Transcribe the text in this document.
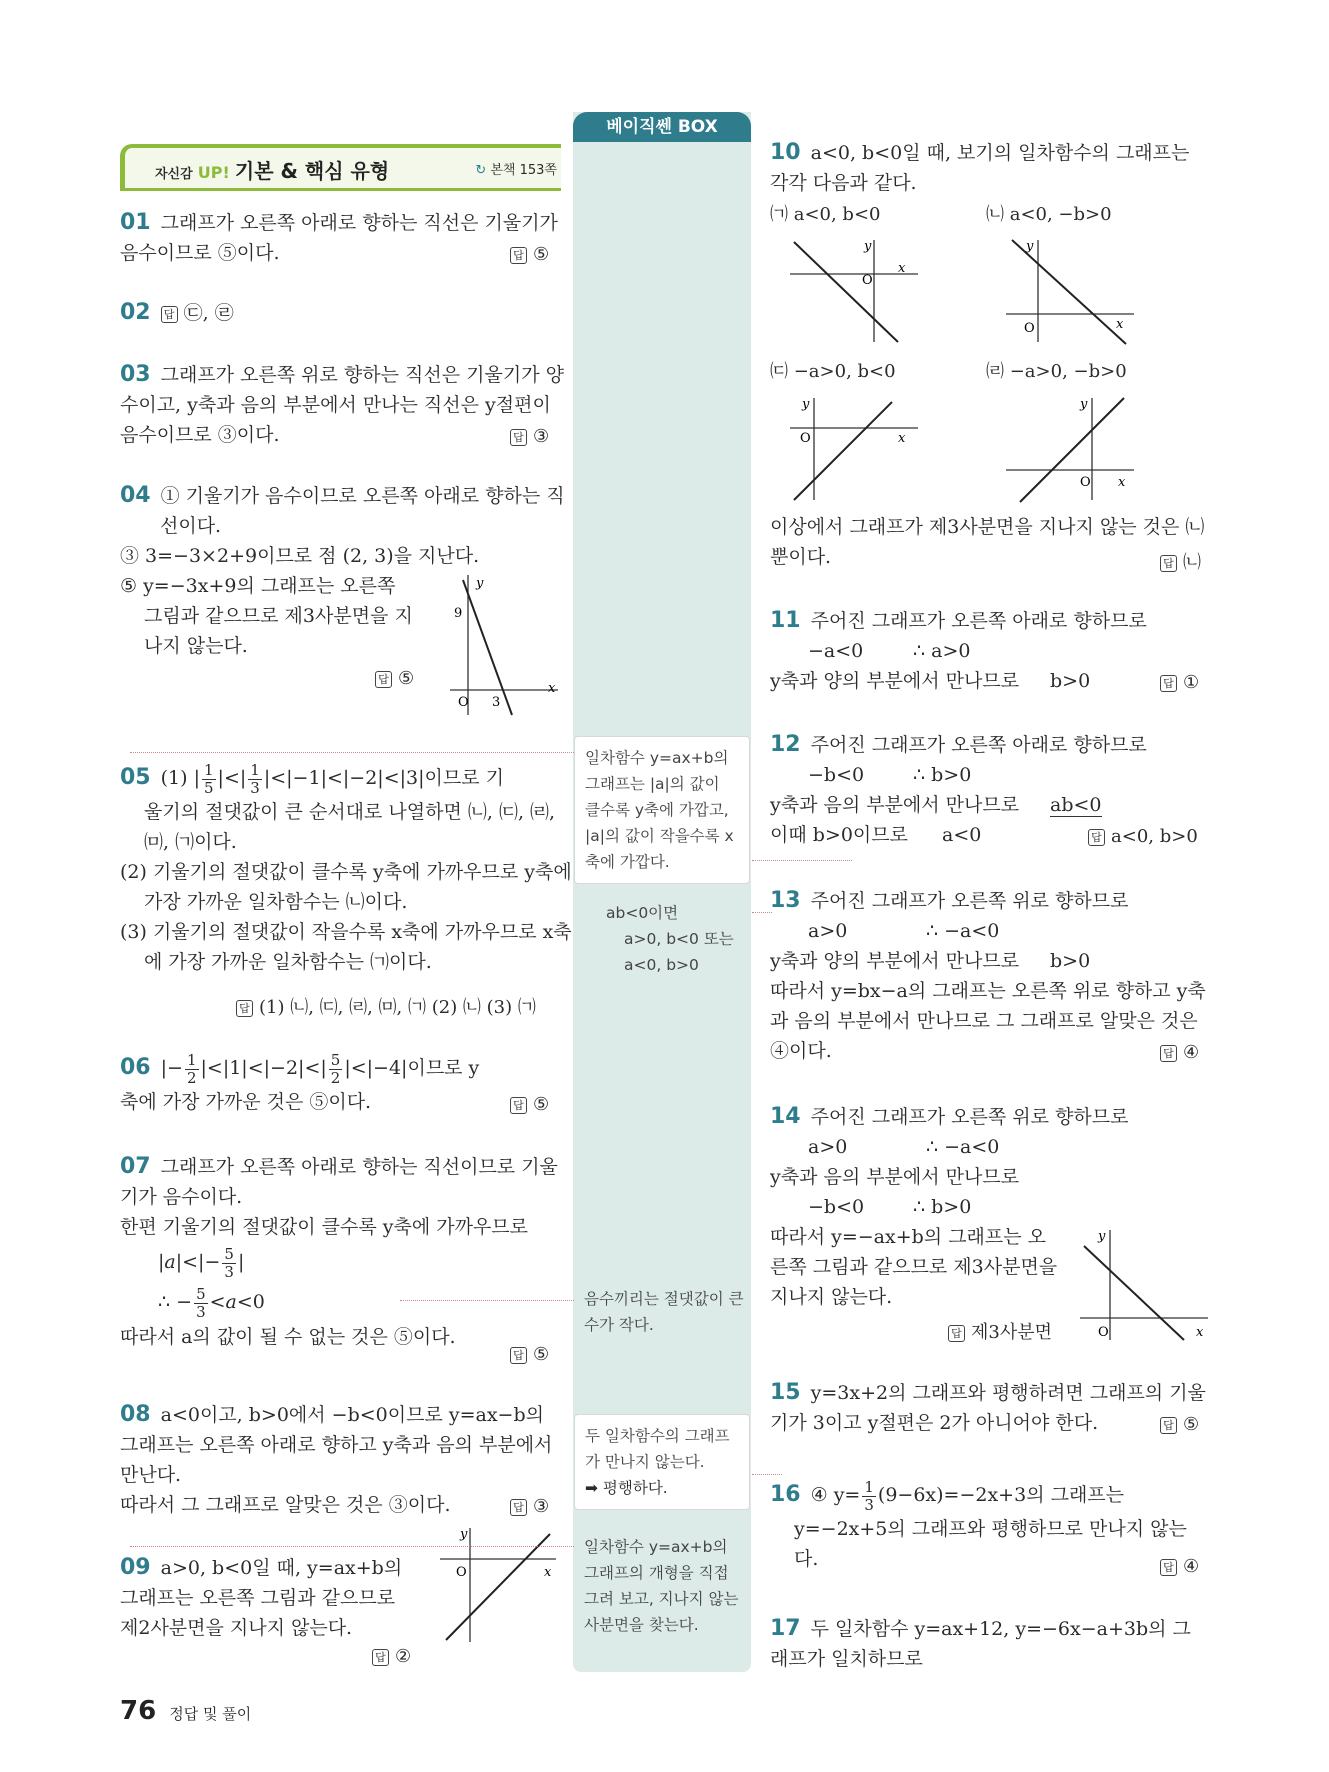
베이직쎈 BOX
자신감 UP! 기본 & 핵심 유형	↻ 본책 153쪽
01 그래프가 오른쪽 아래로 향하는 직선은 기울기가
음수이므로 ⑤이다.	답 ⑤
02 답 ㉢, ㉣
03 그래프가 오른쪽 위로 향하는 직선은 기울기가 양
수이고, y축과 음의 부분에서 만나는 직선은 y절편이
음수이므로 ③이다.	답 ③
04 ① 기울기가 음수이므로 오른쪽 아래로 향하는 직
선이다.
③ 3=−3×2+9이므로 점 (2, 3)을 지난다.
⑤ y=−3x+9의 그래프는 오른쪽
그림과 같으므로 제3사분면을 지
나지 않는다.
답 ⑤
y
x
O
9
3
05 (1) | $\frac{1}{5}$ |<| $\frac{1}{3} |<|-1|<|-2|<|3|$이므로 기
울기의 절댓값이 큰 순서대로 나열하면 ㈁, ㈂, ㈃,
㈄, ㈀이다.
(2) 기울기의 절댓값이 클수록 y축에 가까우므로 y축에
가장 가까운 일차함수는 ㈁이다.
(3) 기울기의 절댓값이 작을수록 x축에 가까우므로 x축
에 가장 가까운 일차함수는 ㈀이다.
답 (1) ㈁, ㈂, ㈃, ㈄, ㈀ (2) ㈁ (3) ㈀
06 |− $\frac{1}{2} |<|1|<|-2|<| \frac{5}{2} |<|-4|$이므로 y
축에 가장 가까운 것은 ⑤이다.	답 ⑤
07 그래프가 오른쪽 아래로 향하는 직선이므로 기울
기가 음수이다.
한편 기울기의 절댓값이 클수록 y축에 가까우므로
$|a|<|- \frac{5}{3}$ |
∴ − $\frac{5}{3} <a<0$
따라서 a의 값이 될 수 없는 것은 ⑤이다.
답 ⑤
08 a<0이고, b>0에서 −b<0이므로 y=ax−b의
그래프는 오른쪽 아래로 향하고 y축과 음의 부분에서
만난다.
따라서 그 그래프로 알맞은 것은 ③이다.	답 ③
09 a>0, b<0일 때, y=ax+b의
그래프는 오른쪽 그림과 같으므로
제2사분면을 지나지 않는다.
답 ②
y
x
O
일차함수 y=ax+b의
그래프는 |a|의 값이
클수록 y축에 가깝고,
|a|의 값이 작을수록 x
축에 가깝다.
ab<0이면
a>0, b<0 또는
a<0, b>0
음수끼리는 절댓값이 큰
수가 작다.
두 일차함수의 그래프
가 만나지 않는다.
➡ 평행하다.
일차함수 y=ax+b의
그래프의 개형을 직접
그려 보고, 지나지 않는
사분면을 찾는다.
10 a<0, b<0일 때, 보기의 일차함수의 그래프는
각각 다음과 같다.
㈀ a<0, b<0	㈁ a<0, −b>0
㈂ −a>0, b<0	㈃ −a>0, −b>0
y
x
O
y
x
O
y
x
O
y
x
O
이상에서 그래프가 제3사분면을 지나지 않는 것은 ㈁
뿐이다.	답 ㈁
11 주어진 그래프가 오른쪽 아래로 향하므로
−a<0	∴ a>0
y축과 양의 부분에서 만나므로 b>0	답 ①
12 주어진 그래프가 오른쪽 아래로 향하므로
−b<0	∴ b>0
y축과 음의 부분에서 만나므로 ab<0
이때 b>0이므로 a<0	답 a<0, b>0
13 주어진 그래프가 오른쪽 위로 향하므로
a>0	∴ −a<0
y축과 양의 부분에서 만나므로 b>0
따라서 y=bx−a의 그래프는 오른쪽 위로 향하고 y축
과 음의 부분에서 만나므로 그 그래프로 알맞은 것은
④이다.	답 ④
14 주어진 그래프가 오른쪽 위로 향하므로
a>0	∴ −a<0
y축과 음의 부분에서 만나므로
−b<0	∴ b>0
따라서 y=−ax+b의 그래프는 오
른쪽 그림과 같으므로 제3사분면을
지나지 않는다.
답 제3사분면
y
x
O
15 y=3x+2의 그래프와 평행하려면 그래프의 기울
기가 3이고 y절편은 2가 아니어야 한다.	답 ⑤
16 ④ $y= \frac{1}{3} (9-6x)=-2x+3$의 그래프는
y=−2x+5의 그래프와 평행하므로 만나지 않는
다.	답 ④
17 두 일차함수 y=ax+12, y=−6x−a+3b의 그
래프가 일치하므로
76 정답 및 풀이
